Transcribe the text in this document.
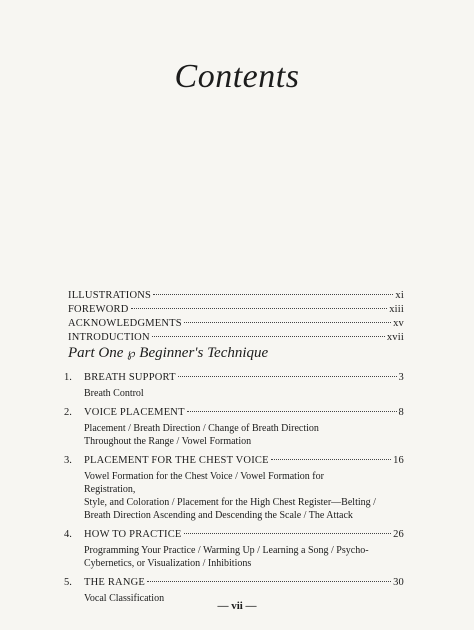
Contents
ILLUSTRATIONS	xi
FOREWORD	xiii
ACKNOWLEDGMENTS	xv
INTRODUCTION	xvii
Part One ℘ Beginner's Technique
1. BREATH SUPPORT	3
Breath Control
2. VOICE PLACEMENT	8
Placement / Breath Direction / Change of Breath Direction
Throughout the Range / Vowel Formation
3. PLACEMENT FOR THE CHEST VOICE	16
Vowel Formation for the Chest Voice / Vowel Formation for Registration,
Style, and Coloration / Placement for the High Chest Register—Belting /
Breath Direction Ascending and Descending the Scale / The Attack
4. HOW TO PRACTICE	26
Programming Your Practice / Warming Up / Learning a Song / Psycho-
Cybernetics, or Visualization / Inhibitions
5. THE RANGE	30
Vocal Classification
— vii —
